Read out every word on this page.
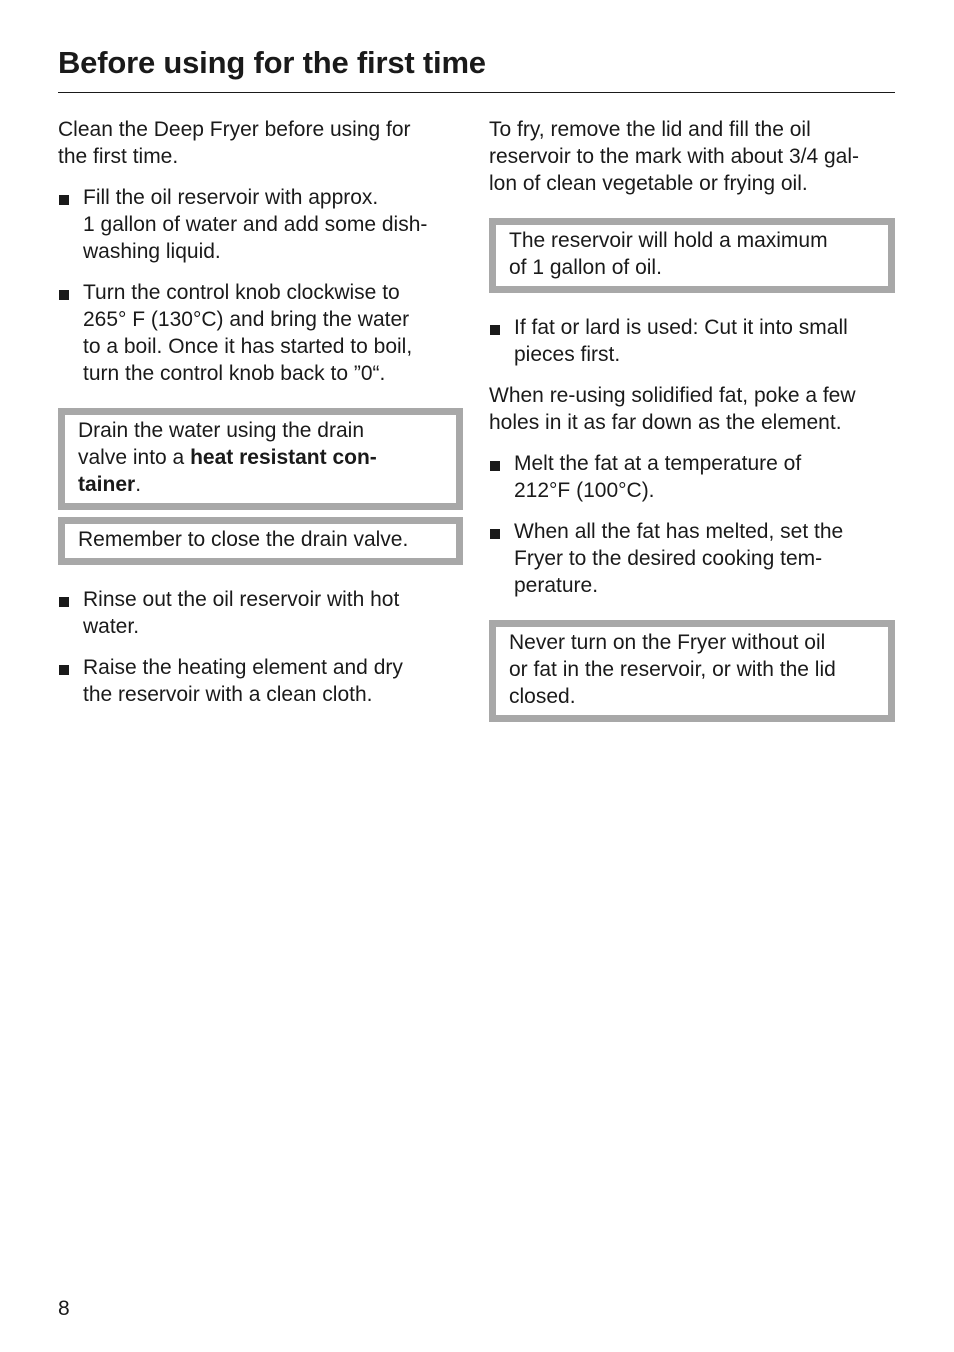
Before using for the first time

Clean the Deep Fryer before using for
the first time.

Fill the oil reservoir with approx.
1 gallon of water and add some dish-
washing liquid.
Turn the control knob clockwise to
265° F (130°C) and bring the water
to a boil. Once it has started to boil,
turn the control knob back to ”0“.
Drain the water using the drain
valve into a heat resistant con-
tainer.
Remember to close the drain valve.
Rinse out the oil reservoir with hot
water.
Raise the heating element and dry
the reservoir with a clean cloth.

To fry, remove the lid and fill the oil
reservoir to the mark with about 3/4 gal-
lon of clean vegetable or frying oil.

The reservoir will hold a maximum
of 1 gallon of oil.
If fat or lard is used: Cut it into small
pieces first.

When re-using solidified fat, poke a few
holes in it as far down as the element.

Melt the fat at a temperature of
212°F (100°C).
When all the fat has melted, set the
Fryer to the desired cooking tem-
perature.
Never turn on the Fryer without oil
or fat in the reservoir, or with the lid
closed.
8
